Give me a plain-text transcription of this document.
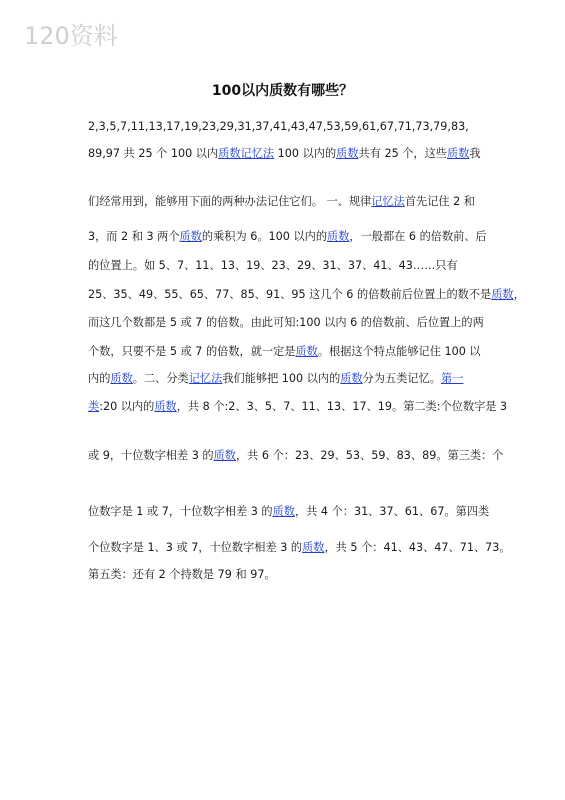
120资料
100以内质数有哪些？
2,3,5,7,11,13,17,19,23,29,31,37,41,43,47,53,59,61,67,71,73,79,83,
89,97 共 25 个 100 以内质数记忆法 100 以内的质数共有 25 个，这些质数我
们经常用到，能够用下面的两种办法记住它们。 一、规律记忆法首先记住 2 和
3，而 2 和 3 两个质数的乘积为 6。100 以内的质数，一般都在 6 的倍数前、后
的位置上。如 5、7、11、13、19、23、29、31、37、41、43……只有
25、35、49、55、65、77、85、91、95 这几个 6 的倍数前后位置上的数不是质数，
而这几个数都是 5 或 7 的倍数。由此可知:100 以内 6 的倍数前、后位置上的两
个数，只要不是 5 或 7 的倍数，就一定是质数。根据这个特点能够记住 100 以
内的质数。二、分类记忆法我们能够把 100 以内的质数分为五类记忆。第一
类:20 以内的质数，共 8 个:2、3、5、7、11、13、17、19。第二类:个位数字是 3
或 9，十位数字相差 3 的质数，共 6 个：23、29、53、59、83、89。第三类：个
位数字是 1 或 7，十位数字相差 3 的质数，共 4 个：31、37、61、67。第四类
个位数字是 1、3 或 7，十位数字相差 3 的质数，共 5 个：41、43、47、71、73。
第五类：还有 2 个持数是 79 和 97。
